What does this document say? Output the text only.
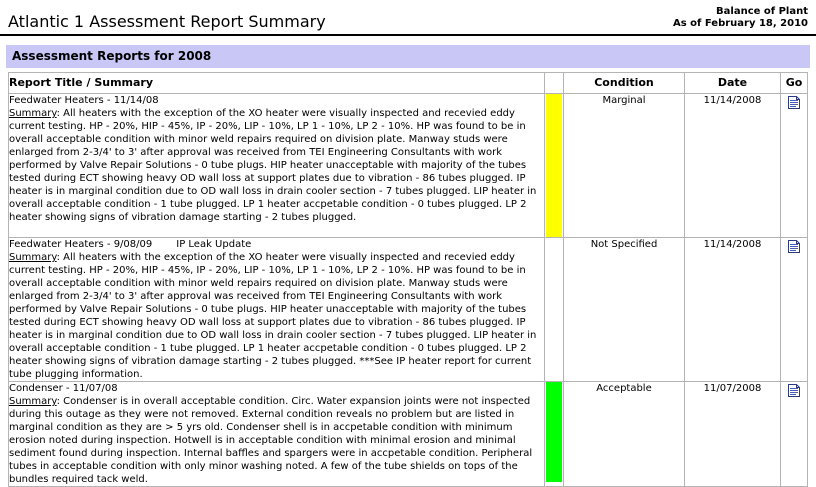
Atlantic 1 Assessment Report Summary
Balance of Plant
As of February 18, 2010
Assessment Reports for 2008
Report Title / Summary		Condition	Date	Go

Feedwater Heaters - 11/14/08
Summary: All heaters with the exception of the XO heater were visually inspected and recevied eddy current testing. HP - 20%, HIP - 45%, IP - 20%, LIP - 10%, LP 1 - 10%, LP 2 - 10%. HP was found to be in overall acceptable condition with minor weld repairs required on division plate. Manway studs were enlarged from 2-3/4' to 3' after approval was received from TEI Engineering Consultants with work performed by Valve Repair Solutions - 0 tube plugs. HIP heater unacceptable with majority of the tubes tested during ECT showing heavy OD wall loss at support plates due to vibration - 86 tubes plugged. IP heater is in marginal condition due to OD wall loss in drain cooler section - 7 tubes plugged. LIP heater in overall acceptable condition - 1 tube plugged. LP 1 heater accpetable condition - 0 tubes plugged. LP 2 heater showing signs of vibration damage starting - 2 tubes plugged.		Marginal	11/14/2008	

Feedwater Heaters - 9/08/09 IP Leak Update
Summary: All heaters with the exception of the XO heater were visually inspected and recevied eddy current testing. HP - 20%, HIP - 45%, IP - 20%, LIP - 10%, LP 1 - 10%, LP 2 - 10%. HP was found to be in overall acceptable condition with minor weld repairs required on division plate. Manway studs were enlarged from 2-3/4' to 3' after approval was received from TEI Engineering Consultants with work performed by Valve Repair Solutions - 0 tube plugs. HIP heater unacceptable with majority of the tubes tested during ECT showing heavy OD wall loss at support plates due to vibration - 86 tubes plugged. IP heater is in marginal condition due to OD wall loss in drain cooler section - 7 tubes plugged. LIP heater in overall acceptable condition - 1 tube plugged. LP 1 heater accpetable condition - 0 tubes plugged. LP 2 heater showing signs of vibration damage starting - 2 tubes plugged. ***See IP heater report for current tube plugging information.		Not Specified	11/14/2008	

Condenser - 11/07/08
Summary: Condenser is in overall acceptable condition. Circ. Water expansion joints were not inspected during this outage as they were not removed. External condition reveals no problem but are listed in marginal condition as they are > 5 yrs old. Condenser shell is in accpetable condition with minimum erosion noted during inspection. Hotwell is in acceptable condition with minimal erosion and minimal sediment found during inspection. Internal baffles and spargers were in accpetable condition. Peripheral tubes in acceptable condition with only minor washing noted. A few of the tube shields on tops of the bundles required tack weld.		Acceptable	11/07/2008	
